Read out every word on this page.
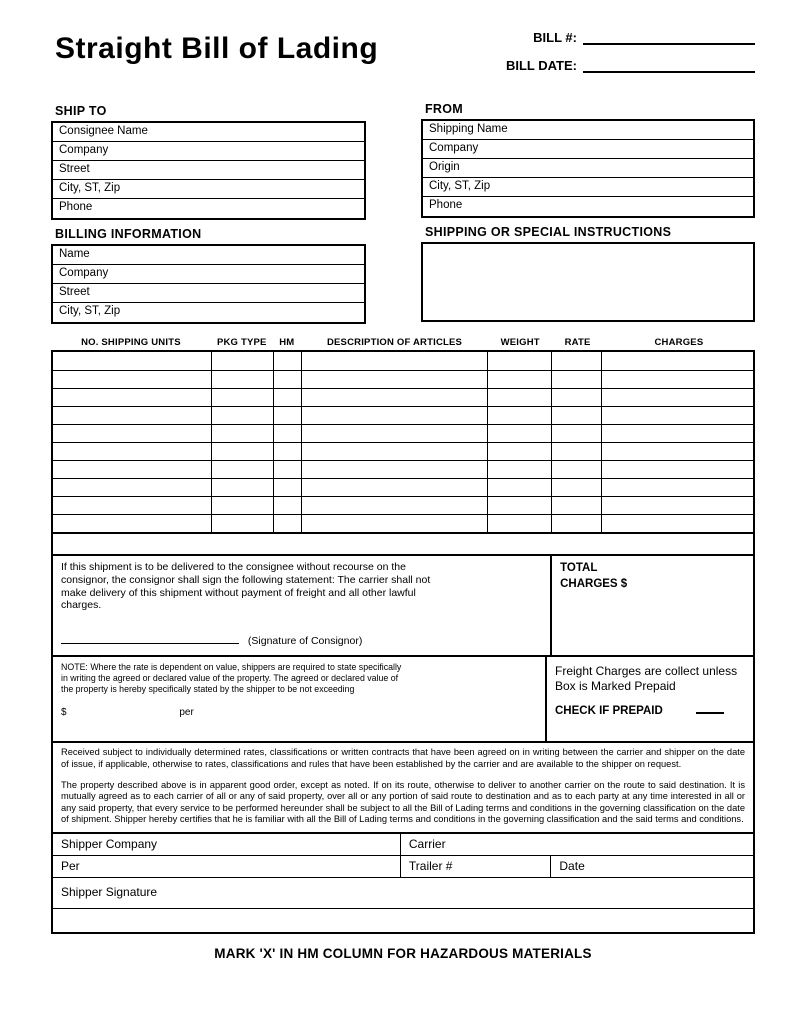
Straight Bill of Lading	BILL #:
BILL DATE:
SHIP TO
Consignee Name
Company
Street
City, ST, Zip
Phone
BILLING INFORMATION
Name
Company
Street
City, ST, Zip
FROM
Shipping Name
Company
Origin
City, ST, Zip
Phone
SHIPPING OR SPECIAL INSTRUCTIONS
NO. SHIPPING UNITS	PKG TYPE	HM	DESCRIPTION OF ARTICLES	WEIGHT	RATE	CHARGES

If this shipment is to be delivered to the consignee without recourse on the consignor, the consignor shall sign the following statement: The carrier shall not make delivery of this shipment without payment of freight and all other lawful charges.
(Signature of Consignor)
TOTAL
CHARGES $
NOTE: Where the rate is dependent on value, shippers are required to state specifically in writing the agreed or declared value of the property. The agreed or declared value of the property is hereby specifically stated by the shipper to be not exceeding
$	per
Freight Charges are collect unless Box is Marked Prepaid
CHECK IF PREPAID

Received subject to individually determined rates, classifications or written contracts that have been agreed on in writing between the carrier and shipper on the date of issue, if applicable, otherwise to rates, classifications and rules that have been established by the carrier and are available to the shipper on request.

The property described above is in apparent good order, except as noted. If on its route, otherwise to deliver to another carrier on the route to said destination. It is mutually agreed as to each carrier of all or any of said property, over all or any portion of said route to destination and as to each party at any time interested in all or any said property, that every service to be performed hereunder shall be subject to all the Bill of Lading terms and conditions in the governing classification on the date of shipment. Shipper hereby certifies that he is familiar with all the Bill of Lading terms and conditions in the governing classification and the said terms and conditions.

Shipper Company	Carrier
Per	Trailer #	Date
Shipper Signature
MARK 'X' IN HM COLUMN FOR HAZARDOUS MATERIALS
